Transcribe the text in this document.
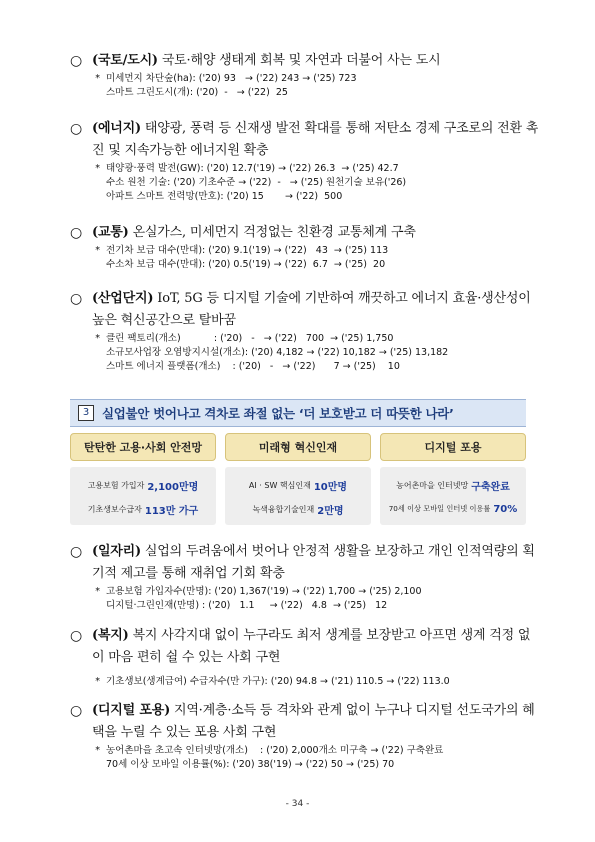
○ (국토/도시) 국토·해양 생태계 회복 및 자연과 더불어 사는 도시
* 미세먼지 차단숲(ha) : ('20) 93   → ('22) 243 → ('25) 723
스마트 그린도시(개) : ('20)  -   → ('22)  25
○ (에너지) 태양광, 풍력 등 신재생 발전 확대를 통해 저탄소 경제 구조로의 전환 촉진 및 지속가능한 에너지원 확충
* 태양광·풍력 발전(GW) : ('20) 12.7('19) → ('22) 26.3  → ('25) 42.7
수소 원천 기술 : ('20) 기초수준 → ('22)  -   → ('25) 원천기술 보유('26)
아파트 스마트 전력망(만호) : ('20) 15       → ('22)  500
○ (교통) 온실가스, 미세먼지 걱정없는 친환경 교통체계 구축
* 전기차 보급 대수(만대) : ('20) 9.1('19) → ('22)   43  → ('25) 113
수소차 보급 대수(만대) : ('20) 0.5('19) → ('22)  6.7  → ('25)  20
○ (산업단지) IoT, 5G 등 디지털 기술에 기반하여 깨끗하고 에너지 효율·생산성이 높은 혁신공간으로 탈바꿈
* 클린 팩토리(개소) : ('20)   -   → ('22)   700  → ('25) 1,750
소규모사업장 오염방지시설(개소) : ('20) 4,182 → ('22) 10,182 → ('25) 13,182
스마트 에너지 플랫폼(개소) : ('20)   -   → ('22)      7 → ('25)    10
3	실업불안 벗어나고 격차로 좌절 없는 ‘더 보호받고 더 따뜻한 나라’
탄탄한 고용·사회 안전망
고용보험 가입자 2,100만명
기초생보수급자 113만 가구
미래형 혁신인재
AI · SW 핵심인재 10만명
녹색융합기술인재 2만명
디지털 포용
농어촌마을 인터넷망 구축완료
70세 이상 모바일 인터넷 이용률 70%
○ (일자리) 실업의 두려움에서 벗어나 안정적 생활을 보장하고 개인 인적역량의 획기적 제고를 통해 재취업 기회 확충
* 고용보험 가입자수(만명) : ('20) 1,367('19) → ('22) 1,700 → ('25) 2,100
디지털·그린인재(만명) : ('20)   1.1     → ('22)   4.8  → ('25)   12
○ (복지) 복지 사각지대 없이 누구라도 최저 생계를 보장받고 아프면 생계 걱정 없이 마음 편히 쉴 수 있는 사회 구현
* 기초생보(생계급여) 수급자수(만 가구) : ('20) 94.8 → ('21) 110.5 → ('22) 113.0
○ (디지털 포용) 지역·계층·소득 등 격차와 관계 없이 누구나 디지털 선도국가의 혜택을 누릴 수 있는 포용 사회 구현
* 농어촌마을 초고속 인터넷망(개소) : ('20) 2,000개소 미구축 → ('22) 구축완료
70세 이상 모바일 이용률(%) : ('20) 38('19) → ('22) 50 → ('25) 70
- 34 -
